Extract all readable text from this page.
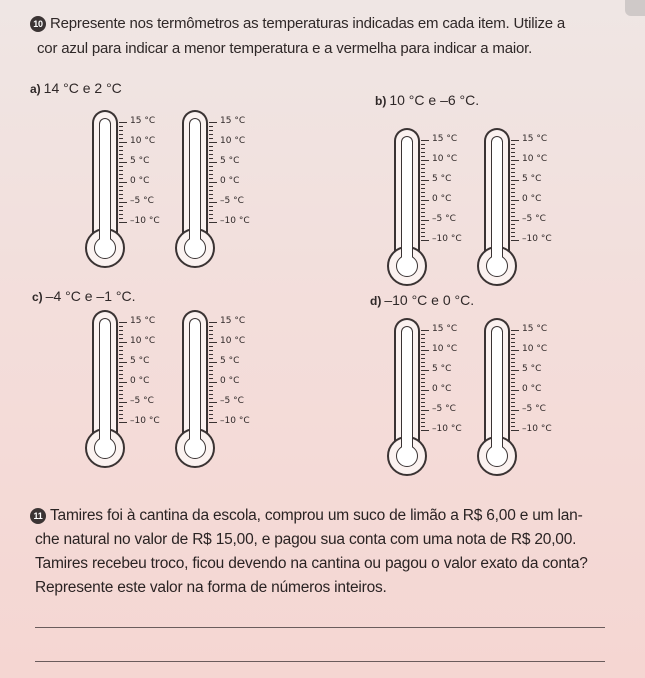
10 Represente nos termômetros as temperaturas indicadas em cada item. Utilize a
cor azul para indicar a menor temperatura e a vermelha para indicar a maior.
a) 14 °C e 2 °C
b) 10 °C e –6 °C.
c) –4 °C e –1 °C.	d) –10 °C e 0 °C.
15 °C
10 °C
5 °C
0 °C
–5 °C
–10 °C
15 °C
10 °C
5 °C
0 °C
–5 °C
–10 °C
15 °C
10 °C
5 °C
0 °C
–5 °C
–10 °C
15 °C
10 °C
5 °C
0 °C
–5 °C
–10 °C
15 °C
10 °C
5 °C
0 °C
–5 °C
–10 °C
15 °C
10 °C
5 °C
0 °C
–5 °C
–10 °C
15 °C
10 °C
5 °C
0 °C
–5 °C
–10 °C
15 °C
10 °C
5 °C
0 °C
–5 °C
–10 °C
11 Tamires foi à cantina da escola, comprou um suco de limão a R$ 6,00 e um lan-
che natural no valor de R$ 15,00, e pagou sua conta com uma nota de R$ 20,00.
Tamires recebeu troco, ficou devendo na cantina ou pagou o valor exato da conta?
Represente este valor na forma de números inteiros.
